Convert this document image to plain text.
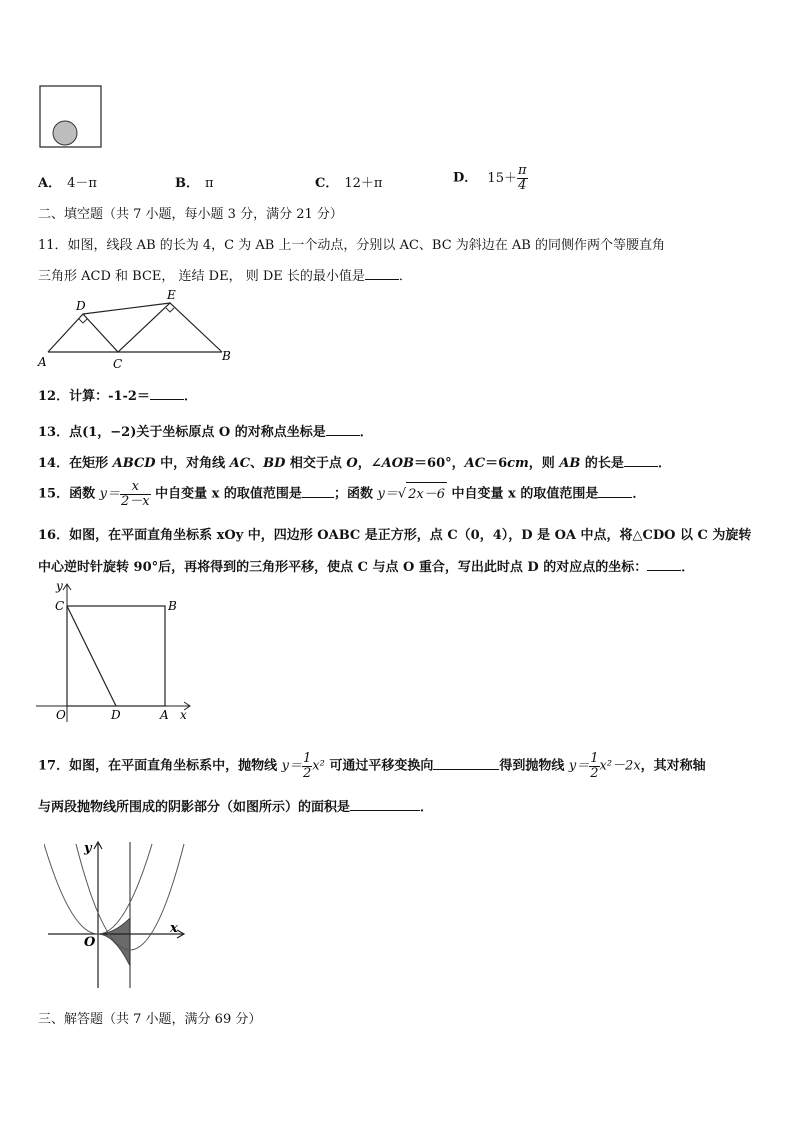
A． 4－π	B． π	C． 12＋π	D． $15+ \frac{\pi}{4}$
二、填空题（共 7 小题，每小题 3 分，满分 21 分）
11．如图，线段 AB 的长为 4，C 为 AB 上一个动点，分别以 AC、BC 为斜边在 AB 的同侧作两个等腰直角
三角形 ACD 和 BCE， 连结 DE， 则 DE 长的最小值是	．
D
E
A	C
B
12．计算：-1-2＝	．
13．点(1，−2)关于坐标原点 O 的对称点坐标是	．
14．在矩形 ABCD 中，对角线 AC、BD 相交于点 O，∠AOB＝60°，AC＝6cm，则 AB 的长是	．
15．函数 $y= \frac{x}{2-x}$ 中自变量 x 的取值范围是 ；函数 y＝√ 2x－6 中自变量 x 的取值范围是	．
16．如图，在平面直角坐标系 xOy 中，四边形 OABC 是正方形，点 C（0，4），D 是 OA 中点，将△CDO 以 C 为旋转
中心逆时针旋转 90°后，再将得到的三角形平移，使点 C 与点 O 重合，写出此时点 D 的对应点的坐标：	．
y
C	B
O	D	A x
17．如图，在平面直角坐标系中，抛物线 $y= \frac{1}{2} x^2$ 可通过平移变换向	得到抛物线 $y= \frac{1}{2} x^2-2x$，其对称轴
与两段抛物线所围成的阴影部分（如图所示）的面积是	．
y
O
x
三、解答题（共 7 小题，满分 69 分）
